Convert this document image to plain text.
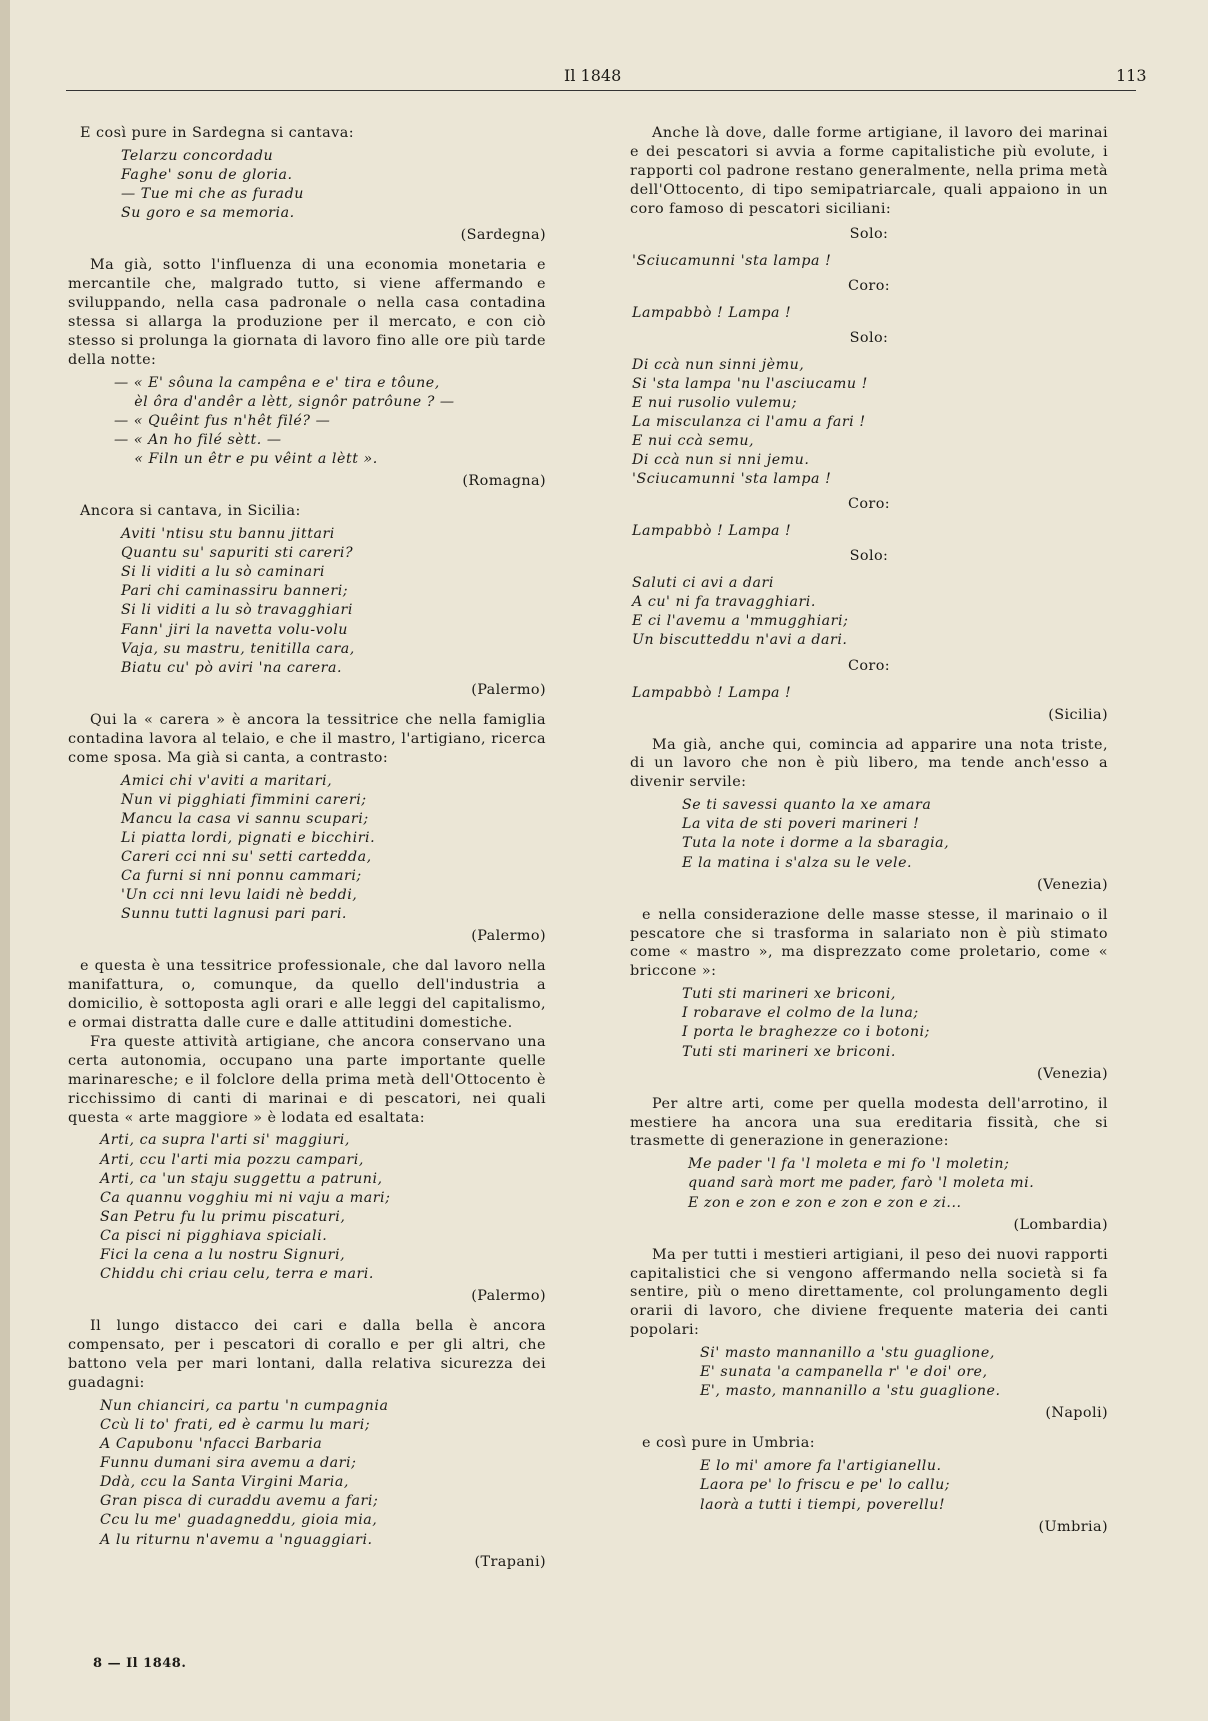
Il 1848	113

E così pure in Sardegna si cantava:

Telarzu concordadu
Faghe' sonu de gloria.
— Tue mi che as furadu
Su goro e sa memoria.
(Sardegna)

Ma già, sotto l'influenza di una economia monetaria e mercantile che, malgrado tutto, si viene affermando e sviluppando, nella casa padronale o nella casa contadina stessa si allarga la produzione per il mercato, e con ciò stesso si prolunga la giornata di lavoro fino alle ore più tarde della notte:

— « E' sôuna la campêna e e' tira e tôune,
èl ôra d'andêr a lètt, signôr patrôune ? —
— « Quêint fus n'hêt filé? —
— « An ho filé sètt. —
« Filn un êtr e pu vêint a lètt ».
(Romagna)

Ancora si cantava, in Sicilia:

Aviti 'ntisu stu bannu jittari
Quantu su' sapuriti sti careri?
Si li viditi a lu sò caminari
Pari chi caminassiru banneri;
Si li viditi a lu sò travagghiari
Fann' jiri la navetta volu-volu
Vaja, su mastru, tenitilla cara,
Biatu cu' pò aviri 'na carera.
(Palermo)

Qui la « carera » è ancora la tessitrice che nella famiglia contadina lavora al telaio, e che il mastro, l'artigiano, ricerca come sposa. Ma già si canta, a contrasto:

Amici chi v'aviti a maritari,
Nun vi pigghiati fimmini careri;
Mancu la casa vi sannu scupari;
Li piatta lordi, pignati e bicchiri.
Careri cci nni su' setti cartedda,
Ca furni si nni ponnu cammari;
'Un cci nni levu laidi nè beddi,
Sunnu tutti lagnusi pari pari.
(Palermo)

e questa è una tessitrice professionale, che dal lavoro nella manifattura, o, comunque, da quello dell'industria a domicilio, è sottoposta agli orari e alle leggi del capitalismo, e ormai distratta dalle cure e dalle attitudini domestiche.

Fra queste attività artigiane, che ancora conservano una certa autonomia, occupano una parte importante quelle marinaresche; e il folclore della prima metà dell'Ottocento è ricchissimo di canti di marinai e di pescatori, nei quali questa « arte maggiore » è lodata ed esaltata:

Arti, ca supra l'arti si' maggiuri,
Arti, ccu l'arti mia pozzu campari,
Arti, ca 'un staju suggettu a patruni,
Ca quannu vogghiu mi ni vaju a mari;
San Petru fu lu primu piscaturi,
Ca pisci ni pigghiava spiciali.
Fici la cena a lu nostru Signuri,
Chiddu chi criau celu, terra e mari.
(Palermo)

Il lungo distacco dei cari e dalla bella è ancora compensato, per i pescatori di corallo e per gli altri, che battono vela per mari lontani, dalla relativa sicurezza dei guadagni:

Nun chianciri, ca partu 'n cumpagnia
Ccù li to' frati, ed è carmu lu mari;
A Capubonu 'nfacci Barbaria
Funnu dumani sira avemu a dari;
Ddà, ccu la Santa Virgini Maria,
Gran pisca di curaddu avemu a fari;
Ccu lu me' guadagneddu, gioia mia,
A lu riturnu n'avemu a 'nguaggiari.
(Trapani)

Anche là dove, dalle forme artigiane, il lavoro dei marinai e dei pescatori si avvia a forme capitalistiche più evolute, i rapporti col padrone restano generalmente, nella prima metà dell'Ottocento, di tipo semipatriarcale, quali appaiono in un coro famoso di pescatori siciliani:

Solo:
'Sciucamunni 'sta lampa !
Coro:
Lampabbò ! Lampa !
Solo:
Di ccà nun sinni jèmu,
Si 'sta lampa 'nu l'asciucamu !
E nui rusolio vulemu;
La misculanza ci l'amu a fari !
E nui ccà semu,
Di ccà nun si nni jemu.
'Sciucamunni 'sta lampa !
Coro:
Lampabbò ! Lampa !
Solo:
Saluti ci avi a dari
A cu' ni fa travagghiari.
E ci l'avemu a 'mmugghiari;
Un biscutteddu n'avi a dari.
Coro:
Lampabbò ! Lampa !
(Sicilia)

Ma già, anche qui, comincia ad apparire una nota triste, di un lavoro che non è più libero, ma tende anch'esso a divenir servile:

Se ti savessi quanto la xe amara
La vita de sti poveri marineri !
Tuta la note i dorme a la sbaragia,
E la matina i s'alza su le vele.
(Venezia)

e nella considerazione delle masse stesse, il marinaio o il pescatore che si trasforma in salariato non è più stimato come « mastro », ma disprezzato come proletario, come « briccone »:

Tuti sti marineri xe briconi,
I robarave el colmo de la luna;
I porta le braghezze co i botoni;
Tuti sti marineri xe briconi.
(Venezia)

Per altre arti, come per quella modesta dell'arrotino, il mestiere ha ancora una sua ereditaria fissità, che si trasmette di generazione in generazione:

Me pader 'l fa 'l moleta e mi fo 'l moletin;
quand sarà mort me pader, farò 'l moleta mi.
E zon e zon e zon e zon e zon e zi...
(Lombardia)

Ma per tutti i mestieri artigiani, il peso dei nuovi rapporti capitalistici che si vengono affermando nella società si fa sentire, più o meno direttamente, col prolungamento degli orarii di lavoro, che diviene frequente materia dei canti popolari:

Si' masto mannanillo a 'stu guaglione,
E' sunata 'a campanella r' 'e doi' ore,
E', masto, mannanillo a 'stu guaglione.
(Napoli)

e così pure in Umbria:

E lo mi' amore fa l'artigianellu.
Laora pe' lo friscu e pe' lo callu;
laorà a tutti i tiempi, poverellu!
(Umbria)
8 — Il 1848.
